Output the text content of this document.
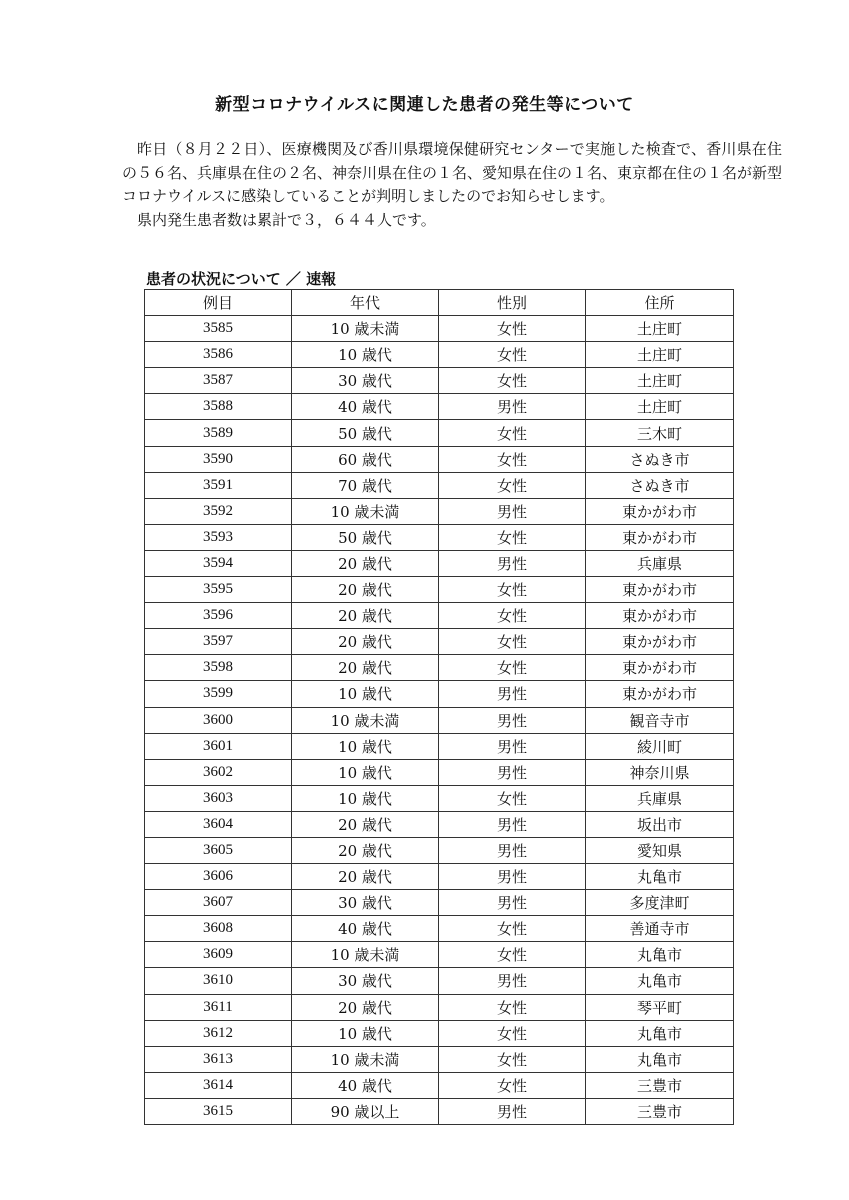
新型コロナウイルスに関連した患者の発生等について

昨日（８月２２日）、医療機関及び香川県環境保健研究センターで実施した検査で、香川県在住の５６名、兵庫県在住の２名、神奈川県在住の１名、愛知県在住の１名、東京都在住の１名が新型コロナウイルスに感染していることが判明しましたのでお知らせします。

県内発生患者数は累計で３，６４４人です。

患者の状況について ／ 速報
例目	年代	性別	住所
3585	10 歳未満	女性	土庄町
3586	10 歳代	女性	土庄町
3587	30 歳代	女性	土庄町
3588	40 歳代	男性	土庄町
3589	50 歳代	女性	三木町
3590	60 歳代	女性	さぬき市
3591	70 歳代	女性	さぬき市
3592	10 歳未満	男性	東かがわ市
3593	50 歳代	女性	東かがわ市
3594	20 歳代	男性	兵庫県
3595	20 歳代	女性	東かがわ市
3596	20 歳代	女性	東かがわ市
3597	20 歳代	女性	東かがわ市
3598	20 歳代	女性	東かがわ市
3599	10 歳代	男性	東かがわ市
3600	10 歳未満	男性	観音寺市
3601	10 歳代	男性	綾川町
3602	10 歳代	男性	神奈川県
3603	10 歳代	女性	兵庫県
3604	20 歳代	男性	坂出市
3605	20 歳代	男性	愛知県
3606	20 歳代	男性	丸亀市
3607	30 歳代	男性	多度津町
3608	40 歳代	女性	善通寺市
3609	10 歳未満	女性	丸亀市
3610	30 歳代	男性	丸亀市
3611	20 歳代	女性	琴平町
3612	10 歳代	女性	丸亀市
3613	10 歳未満	女性	丸亀市
3614	40 歳代	女性	三豊市
3615	90 歳以上	男性	三豊市
